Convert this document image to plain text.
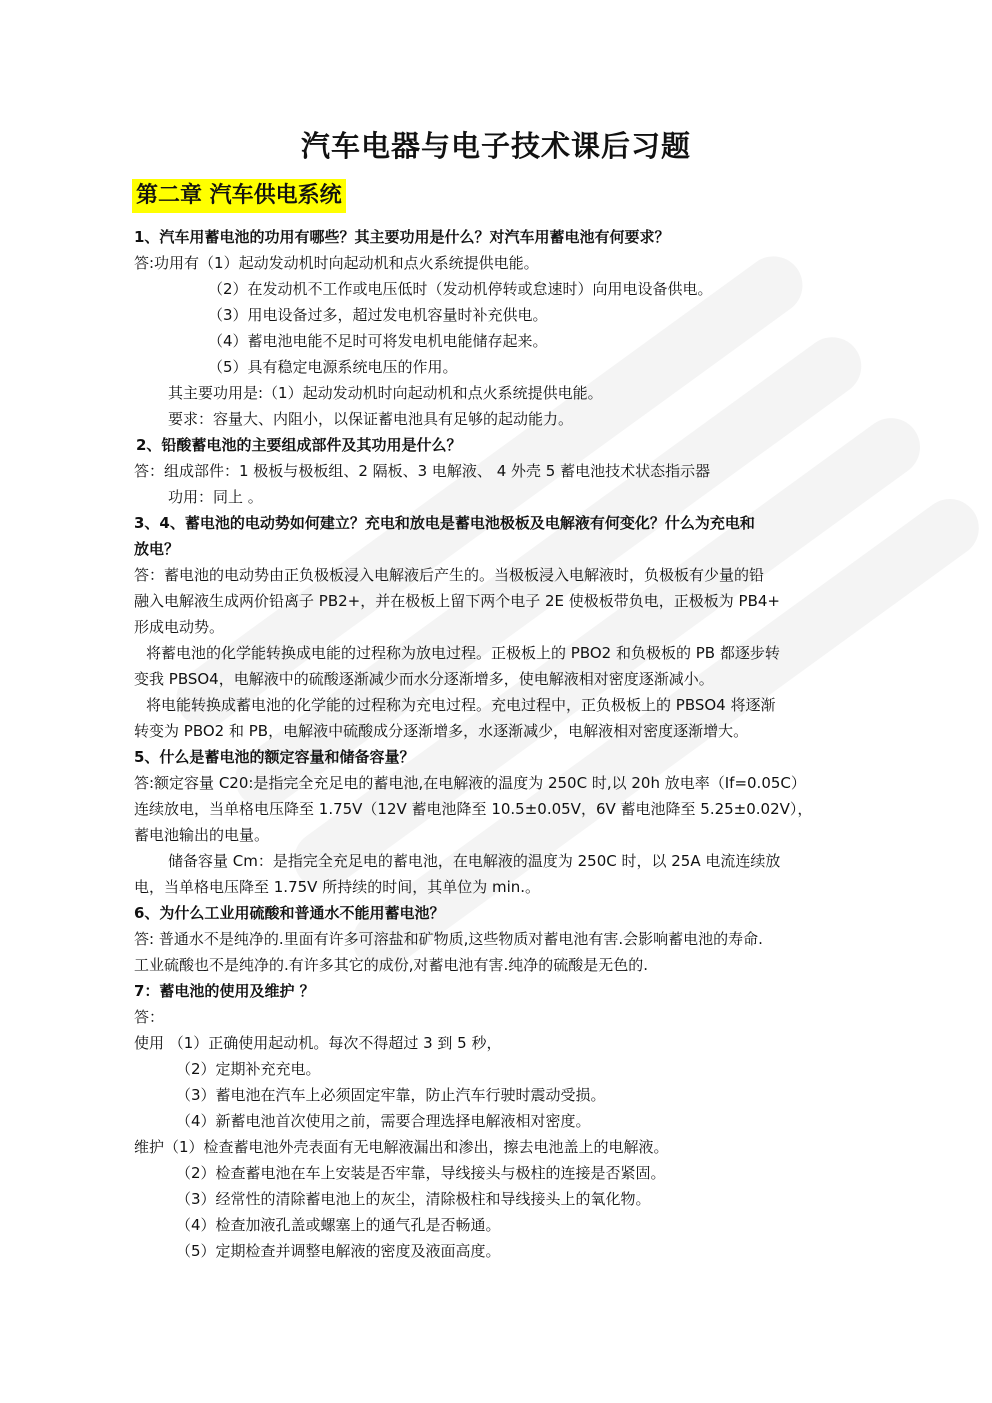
汽车电器与电子技术课后习题
第二章 汽车供电系统
1、汽车用蓄电池的功用有哪些？其主要功用是什么？对汽车用蓄电池有何要求？
答:功用有（1）起动发动机时向起动机和点火系统提供电能。
（2）在发动机不工作或电压低时（发动机停转或怠速时）向用电设备供电。
（3）用电设备过多，超过发电机容量时补充供电。
（4）蓄电池电能不足时可将发电机电能储存起来。
（5）具有稳定电源系统电压的作用。
其主要功用是:（1）起动发动机时向起动机和点火系统提供电能。
要求：容量大、内阻小，以保证蓄电池具有足够的起动能力。
2、铅酸蓄电池的主要组成部件及其功用是什么？
答：组成部件：1 极板与极板组、2 隔板、3 电解液、 4 外壳 5 蓄电池技术状态指示器
功用：同上 。
3、4、蓄电池的电动势如何建立？充电和放电是蓄电池极板及电解液有何变化？什么为充电和
放电？
答：蓄电池的电动势由正负极板浸入电解液后产生的。当极板浸入电解液时，负极板有少量的铅
融入电解液生成两价铅离子 PB2+，并在极板上留下两个电子 2E 使极板带负电，正极板为 PB4+
形成电动势。
将蓄电池的化学能转换成电能的过程称为放电过程。正极板上的 PBO2 和负极板的 PB 都逐步转
变我 PBSO4，电解液中的硫酸逐渐减少而水分逐渐增多，使电解液相对密度逐渐减小。
将电能转换成蓄电池的化学能的过程称为充电过程。充电过程中，正负极板上的 PBSO4 将逐渐
转变为 PBO2 和 PB，电解液中硫酸成分逐渐增多，水逐渐减少，电解液相对密度逐渐增大。
5、什么是蓄电池的额定容量和储备容量？
答:额定容量 C20:是指完全充足电的蓄电池,在电解液的温度为 250C 时,以 20h 放电率（If=0.05C）
连续放电，当单格电压降至 1.75V（12V 蓄电池降至 10.5±0.05V，6V 蓄电池降至 5.25±0.02V），
蓄电池输出的电量。
储备容量 Cm：是指完全充足电的蓄电池，在电解液的温度为 250C 时，以 25A 电流连续放
电，当单格电压降至 1.75V 所持续的时间，其单位为 min.。
6、为什么工业用硫酸和普通水不能用蓄电池？
答: 普通水不是纯净的.里面有许多可溶盐和矿物质,这些物质对蓄电池有害.会影响蓄电池的寿命.
工业硫酸也不是纯净的.有许多其它的成份,对蓄电池有害.纯净的硫酸是无色的.
7：蓄电池的使用及维护 ？
答：
使用 （1）正确使用起动机。每次不得超过 3 到 5 秒，
（2）定期补充充电。
（3）蓄电池在汽车上必须固定牢靠，防止汽车行驶时震动受损。
（4）新蓄电池首次使用之前，需要合理选择电解液相对密度。
维护（1）检查蓄电池外壳表面有无电解液漏出和渗出，擦去电池盖上的电解液。
（2）检查蓄电池在车上安装是否牢靠，导线接头与极柱的连接是否紧固。
（3）经常性的清除蓄电池上的灰尘，清除极柱和导线接头上的氧化物。
（4）检查加液孔盖或螺塞上的通气孔是否畅通。
（5）定期检查并调整电解液的密度及液面高度。
